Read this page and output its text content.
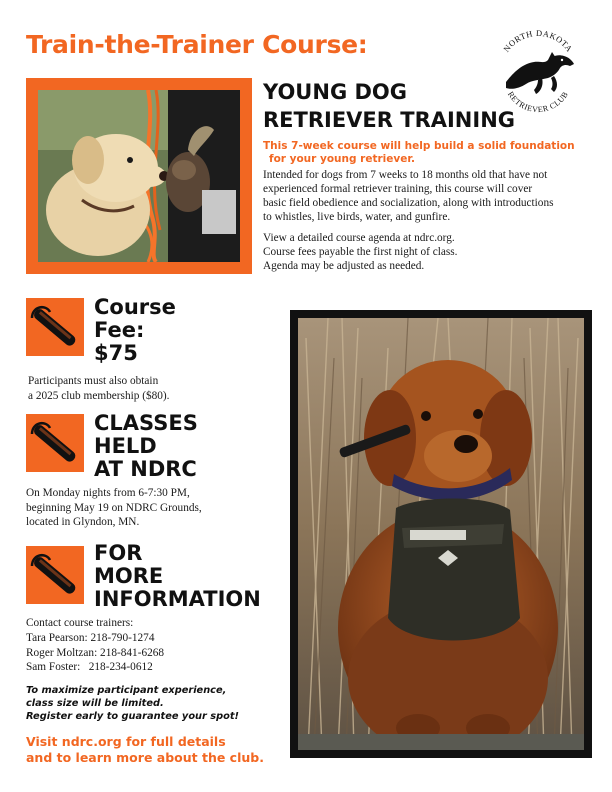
Train-the-Trainer Course:	NORTH DAKOTA
RETRIEVER CLUB
YOUNG DOG
RETRIEVER TRAINING
This 7-week course will help build a solid foundation
for your young retriever.
Intended for dogs from 7 weeks to 18 months old that have not
experienced formal retriever training, this course will cover
basic field obedience and socialization, along with introductions
to whistles, live birds, water, and gunfire.
View a detailed course agenda at ndrc.org.
Course fees payable the first night of class.
Agenda may be adjusted as needed.
Course
Fee:
$75
Participants must also obtain
a 2025 club membership ($80).
CLASSES
HELD
AT NDRC
On Monday nights from 6-7:30 PM,
beginning May 19 on NDRC Grounds,
located in Glyndon, MN.
FOR
MORE
INFORMATION
Contact course trainers:
Tara Pearson: 218-790-1274
Roger Moltzan: 218-841-6268
Sam Foster:   218-234-0612
To maximize participant experience,
class size will be limited.
Register early to guarantee your spot!
Visit ndrc.org for full details
and to learn more about the club.
